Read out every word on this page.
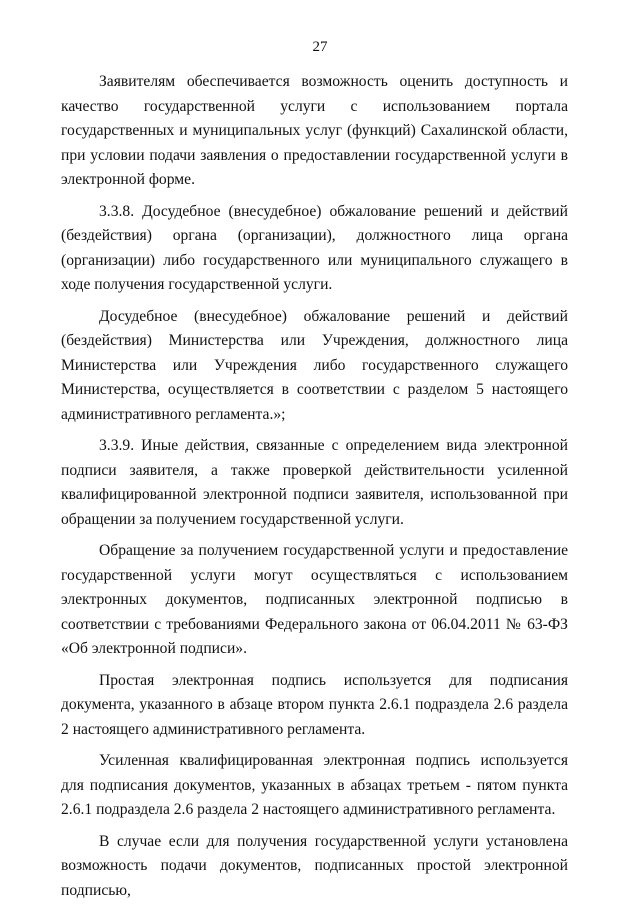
27

Заявителям обеспечивается возможность оценить доступность и качество государственной услуги с использованием портала государственных и муниципальных услуг (функций) Сахалинской области, при условии подачи заявления о предоставлении государственной услуги в электронной форме.

3.3.8. Досудебное (внесудебное) обжалование решений и действий (бездействия) органа (организации), должностного лица органа (организации) либо государственного или муниципального служащего в ходе получения государственной услуги.

Досудебное (внесудебное) обжалование решений и действий (бездействия) Министерства или Учреждения, должностного лица Министерства или Учреждения либо государственного служащего Министерства, осуществляется в соответствии с разделом 5 настоящего административного регламента.»;

3.3.9. Иные действия, связанные с определением вида электронной подписи заявителя, а также проверкой действительности усиленной квалифицированной электронной подписи заявителя, использованной при обращении за получением государственной услуги.

Обращение за получением государственной услуги и предоставление государственной услуги могут осуществляться с использованием электронных документов, подписанных электронной подписью в соответствии с требованиями Федерального закона от 06.04.2011 № 63-ФЗ «Об электронной подписи».

Простая электронная подпись используется для подписания документа, указанного в абзаце втором пункта 2.6.1 подраздела 2.6 раздела 2 настоящего административного регламента.

Усиленная квалифицированная электронная подпись используется для подписания документов, указанных в абзацах третьем - пятом пункта 2.6.1 подраздела 2.6 раздела 2 настоящего административного регламента.

В случае если для получения государственной услуги установлена возможность подачи документов, подписанных простой электронной подписью,
